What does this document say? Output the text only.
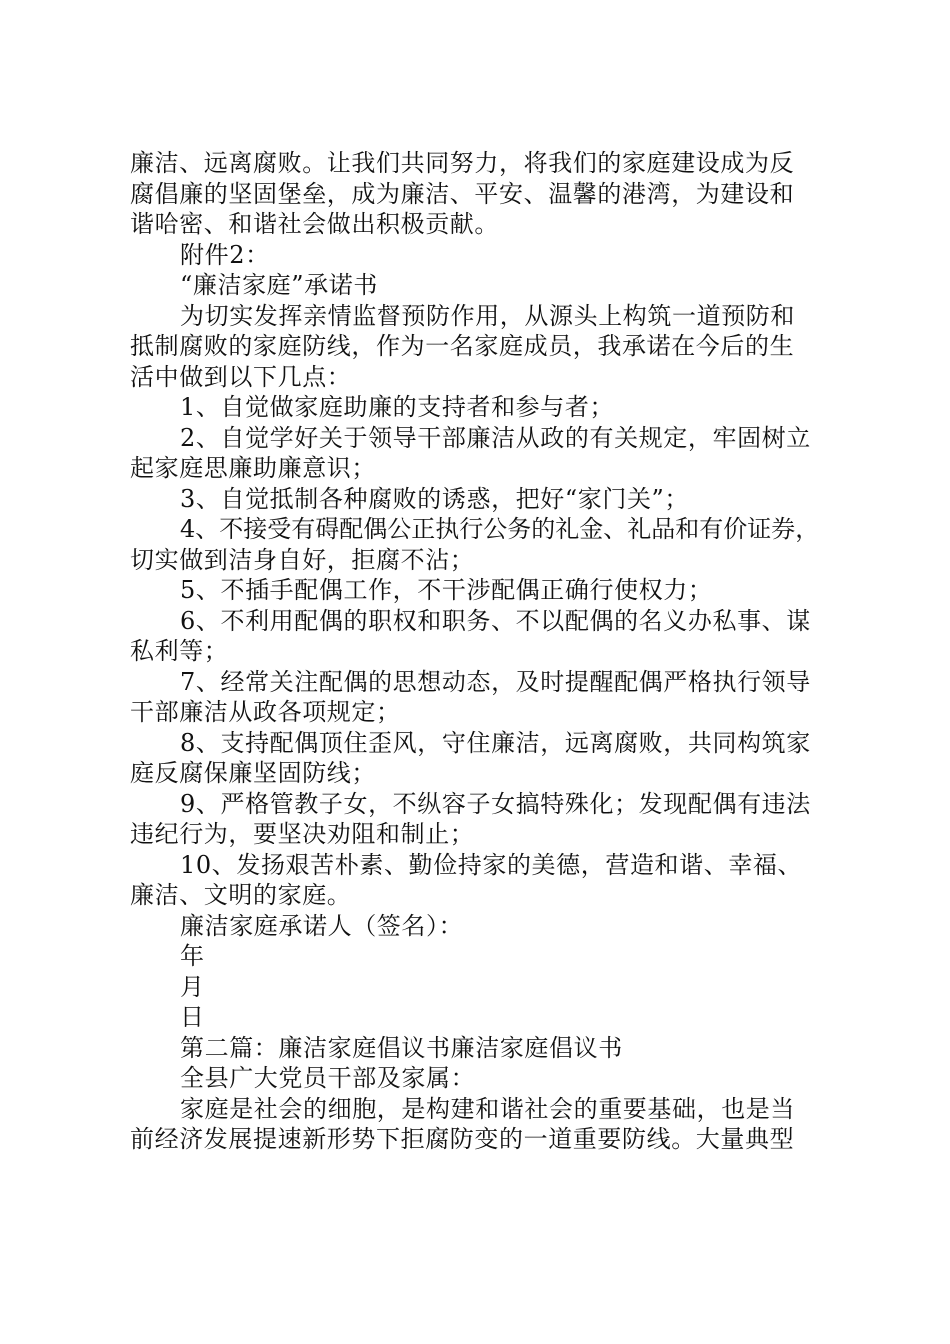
廉洁、远离腐败。让我们共同努力，将我们的家庭建设成为反
腐倡廉的坚固堡垒，成为廉洁、平安、温馨的港湾，为建设和
谐哈密、和谐社会做出积极贡献。

附件2：

“廉洁家庭”承诺书

为切实发挥亲情监督预防作用，从源头上构筑一道预防和
抵制腐败的家庭防线，作为一名家庭成员，我承诺在今后的生
活中做到以下几点：

1、自觉做家庭助廉的支持者和参与者；

2、自觉学好关于领导干部廉洁从政的有关规定，牢固树立
起家庭思廉助廉意识；

3、自觉抵制各种腐败的诱惑，把好“家门关”；

4、不接受有碍配偶公正执行公务的礼金、礼品和有价证券，
切实做到洁身自好，拒腐不沾；

5、不插手配偶工作，不干涉配偶正确行使权力；

6、不利用配偶的职权和职务、不以配偶的名义办私事、谋
私利等；

7、经常关注配偶的思想动态，及时提醒配偶严格执行领导
干部廉洁从政各项规定；

8、支持配偶顶住歪风，守住廉洁，远离腐败，共同构筑家
庭反腐保廉坚固防线；

9、严格管教子女，不纵容子女搞特殊化；发现配偶有违法
违纪行为，要坚决劝阻和制止；

10、发扬艰苦朴素、勤俭持家的美德，营造和谐、幸福、
廉洁、文明的家庭。

廉洁家庭承诺人（签名）：

年

月

日

第二篇：廉洁家庭倡议书廉洁家庭倡议书

全县广大党员干部及家属：

家庭是社会的细胞，是构建和谐社会的重要基础，也是当
前经济发展提速新形势下拒腐防变的一道重要防线。大量典型
